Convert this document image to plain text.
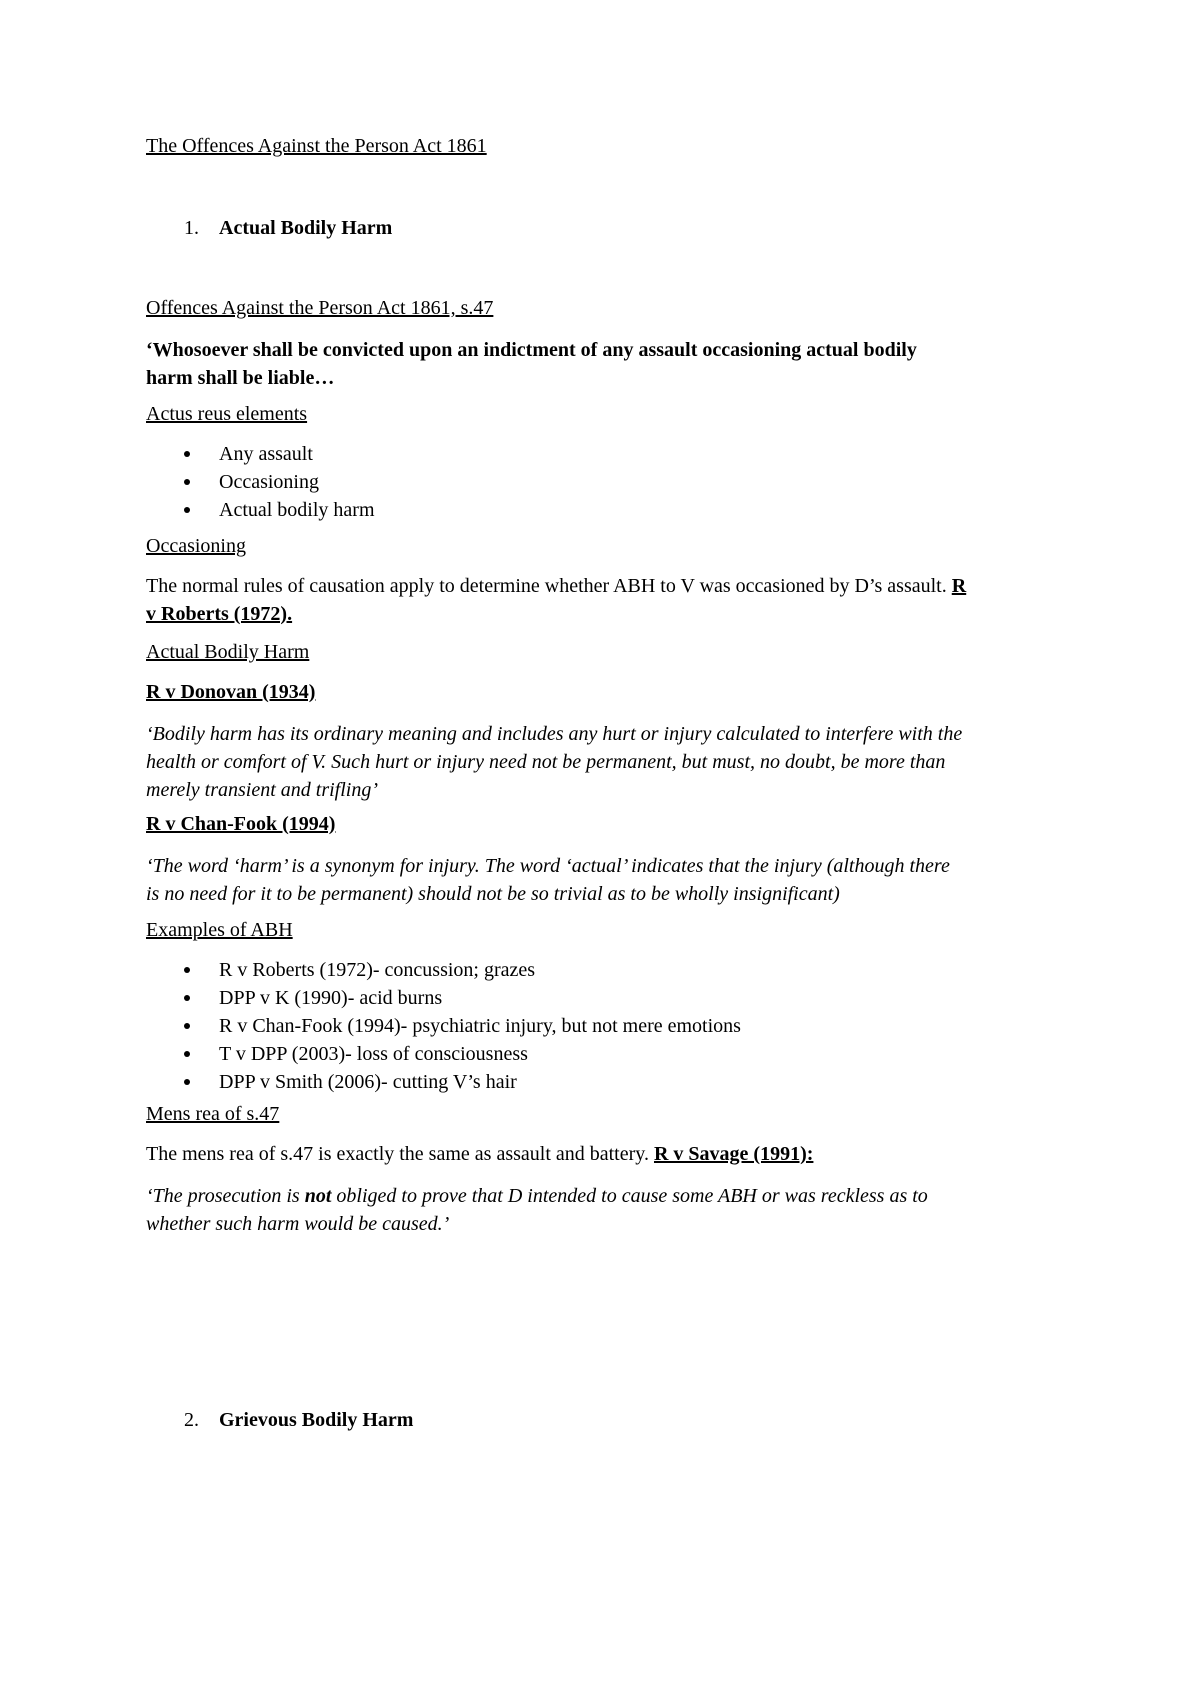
The Offences Against the Person Act 1861
1. Actual Bodily Harm
Offences Against the Person Act 1861, s.47
‘Whosoever shall be convicted upon an indictment of any assault occasioning actual bodily
harm shall be liable…
Actus reus elements
Any assault
Occasioning
Actual bodily harm
Occasioning
The normal rules of causation apply to determine whether ABH to V was occasioned by D’s assault. R
v Roberts (1972).
Actual Bodily Harm
R v Donovan (1934)
‘Bodily harm has its ordinary meaning and includes any hurt or injury calculated to interfere with the
health or comfort of V. Such hurt or injury need not be permanent, but must, no doubt, be more than
merely transient and trifling’
R v Chan-Fook (1994)
‘The word ‘harm’ is a synonym for injury. The word ‘actual’ indicates that the injury (although there
is no need for it to be permanent) should not be so trivial as to be wholly insignificant)
Examples of ABH
R v Roberts (1972)- concussion; grazes
DPP v K (1990)- acid burns
R v Chan-Fook (1994)- psychiatric injury, but not mere emotions
T v DPP (2003)- loss of consciousness
DPP v Smith (2006)- cutting V’s hair
Mens rea of s.47
The mens rea of s.47 is exactly the same as assault and battery. R v Savage (1991):
‘The prosecution is not obliged to prove that D intended to cause some ABH or was reckless as to
whether such harm would be caused.’
2. Grievous Bodily Harm
